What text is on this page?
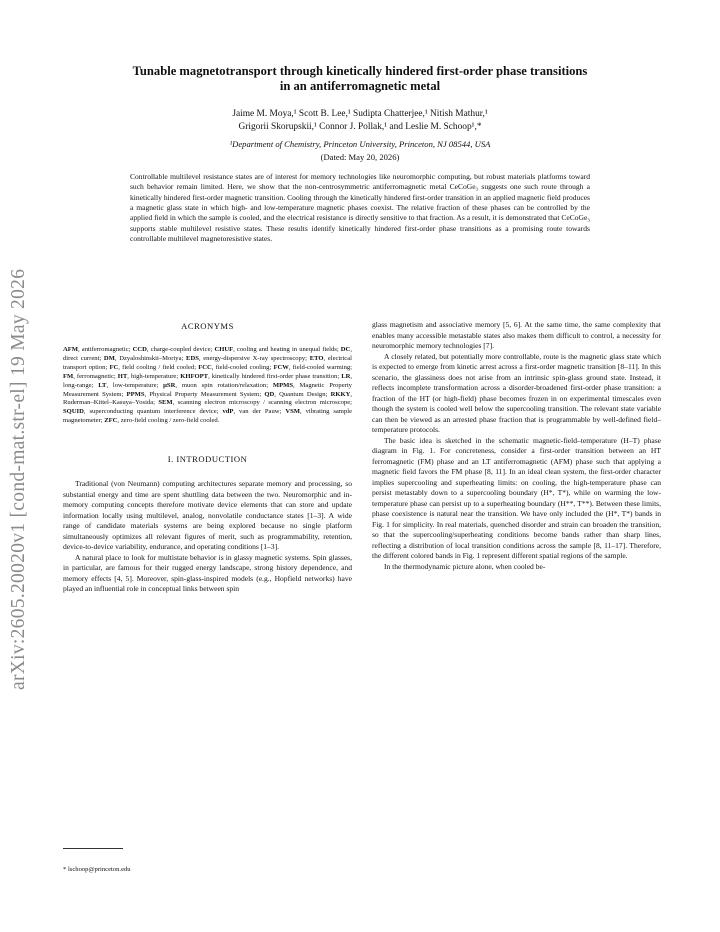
arXiv:2605.20020v1 [cond-mat.str-el] 19 May 2026
Tunable magnetotransport through kinetically hindered first-order phase transitions
in an antiferromagnetic metal
Jaime M. Moya,¹ Scott B. Lee,¹ Sudipta Chatterjee,¹ Nitish Mathur,¹
Grigorii Skorupskii,¹ Connor J. Pollak,¹ and Leslie M. Schoop¹,*
¹Department of Chemistry, Princeton University, Princeton, NJ 08544, USA
(Dated: May 20, 2026)
Controllable multilevel resistance states are of interest for memory technologies like neuromorphic computing, but robust materials platforms toward such behavior remain limited. Here, we show that the non-centrosymmetric antiferromagnetic metal CeCoGe₃ suggests one such route through a kinetically hindered first-order magnetic transition. Cooling through the kinetically hindered first-order transition in an applied magnetic field produces a magnetic glass state in which high- and low-temperature magnetic phases coexist. The relative fraction of these phases can be controlled by the applied field in which the sample is cooled, and the electrical resistance is directly sensitive to that fraction. As a result, it is demonstrated that CeCoGe₃ supports stable multilevel resistive states. These results identify kinetically hindered first-order phase transitions as a promising route towards controllable multilevel magnetoresistive states.
ACRONYMS

AFM, antiferromagnetic; CCD, charge-coupled device; CHUF, cooling and heating in unequal fields; DC, direct current; DM, Dzyaloshinskii–Moriya; EDS, energy-dispersive X-ray spectroscopy; ETO, electrical transport option; FC, field cooling / field cooled; FCC, field-cooled cooling; FCW, field-cooled warming; FM, ferromagnetic; HT, high-temperature; KHFOPT, kinetically hindered first-order phase transition; LR, long-range; LT, low-temperature; μSR, muon spin rotation/relaxation; MPMS, Magnetic Property Measurement System; PPMS, Physical Property Measurement System; QD, Quantum Design; RKKY, Ruderman–Kittel–Kasuya–Yosida; SEM, scanning electron microscopy / scanning electron microscope; SQUID, superconducting quantum interference device; vdP, van der Pauw; VSM, vibrating sample magnetometer; ZFC, zero-field cooling / zero-field cooled.

I. INTRODUCTION

Traditional (von Neumann) computing architectures separate memory and processing, so substantial energy and time are spent shuttling data between the two. Neuromorphic and in-memory computing concepts therefore motivate device elements that can store and update information locally using multilevel, analog, nonvolatile conductance states [1–3]. A wide range of candidate materials systems are being explored because no single platform simultaneously optimizes all relevant figures of merit, such as programmability, retention, device-to-device variability, endurance, and operating conditions [1–3].

A natural place to look for multistate behavior is in glassy magnetic systems. Spin glasses, in particular, are famous for their rugged energy landscape, strong history dependence, and memory effects [4, 5]. Moreover, spin-glass-inspired models (e.g., Hopfield networks) have played an influential role in conceptual links between spin

glass magnetism and associative memory [5, 6]. At the same time, the same complexity that enables many accessible metastable states also makes them difficult to control, a necessity for neuromorphic memory technologies [7].

A closely related, but potentially more controllable, route is the magnetic glass state which is expected to emerge from kinetic arrest across a first-order magnetic transition [8–11]. In this scenario, the glassiness does not arise from an intrinsic spin-glass ground state. Instead, it reflects incomplete transformation across a disorder-broadened first-order phase transition: a fraction of the HT (or high-field) phase becomes frozen in on experimental timescales even though the system is cooled well below the supercooling transition. The relevant state variable can then be viewed as an arrested phase fraction that is programmable by well-defined field–temperature protocols.

The basic idea is sketched in the schematic magnetic-field–temperature (H–T) phase diagram in Fig. 1. For concreteness, consider a first-order transition between an HT ferromagnetic (FM) phase and an LT antiferromagnetic (AFM) phase such that applying a magnetic field favors the FM phase [8, 11]. In an ideal clean system, the first-order character implies supercooling and superheating limits: on cooling, the high-temperature phase can persist metastably down to a supercooling boundary (H*, T*), while on warming the low-temperature phase can persist up to a superheating boundary (H**, T**). Between these limits, phase coexistence is natural near the transition. We have only included the (H*, T*) bands in Fig. 1 for simplicity. In real materials, quenched disorder and strain can broaden the transition, so that the supercooling/superheating conditions become bands rather than sharp lines, reflecting a distribution of local transition conditions across the sample [8, 11–17]. Therefore, the different colored bands in Fig. 1 represent different spatial regions of the sample.

In the thermodynamic picture alone, when cooled be-

* lschoop@princeton.edu
